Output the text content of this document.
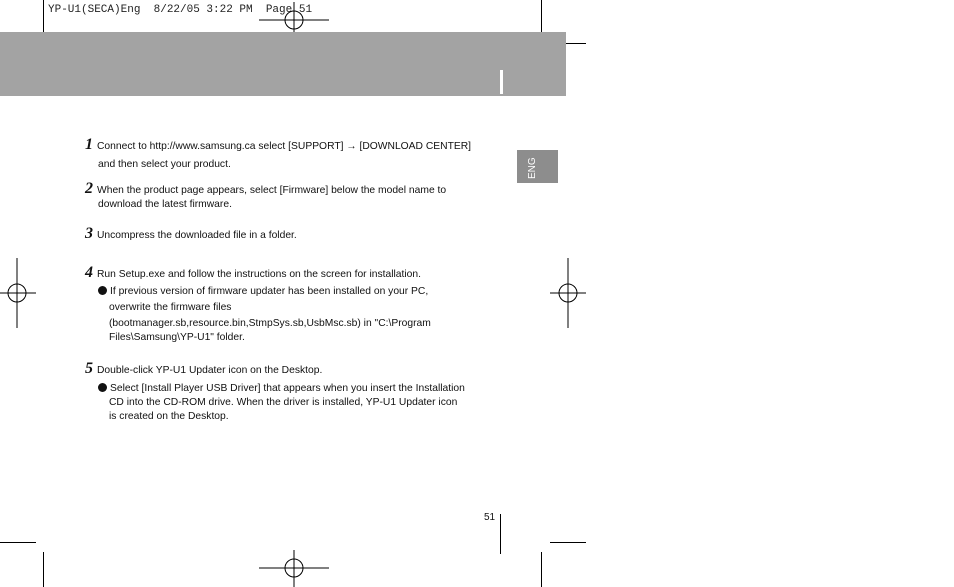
YP-U1(SECA)Eng  8/22/05 3:22 PM  Page 51
To Upgrade Firmware
ENG
1 Connect to http://www.samsung.ca select [SUPPORT] → [DOWNLOAD CENTER]
and then select your product.
2 When the product page appears, select [Firmware] below the model name to
download the latest firmware.
3 Uncompress the downloaded file in a folder.
4 Run Setup.exe and follow the instructions on the screen for installation.
If previous version of firmware updater has been installed on your PC,
overwrite the firmware files
(bootmanager.sb,resource.bin,StmpSys.sb,UsbMsc.sb) in "C:\Program
Files\Samsung\YP-U1" folder.
5 Double-click YP-U1 Updater icon on the Desktop.
Select [Install Player USB Driver] that appears when you insert the Installation
CD into the CD-ROM drive. When the driver is installed, YP-U1 Updater icon
is created on the Desktop.
51
